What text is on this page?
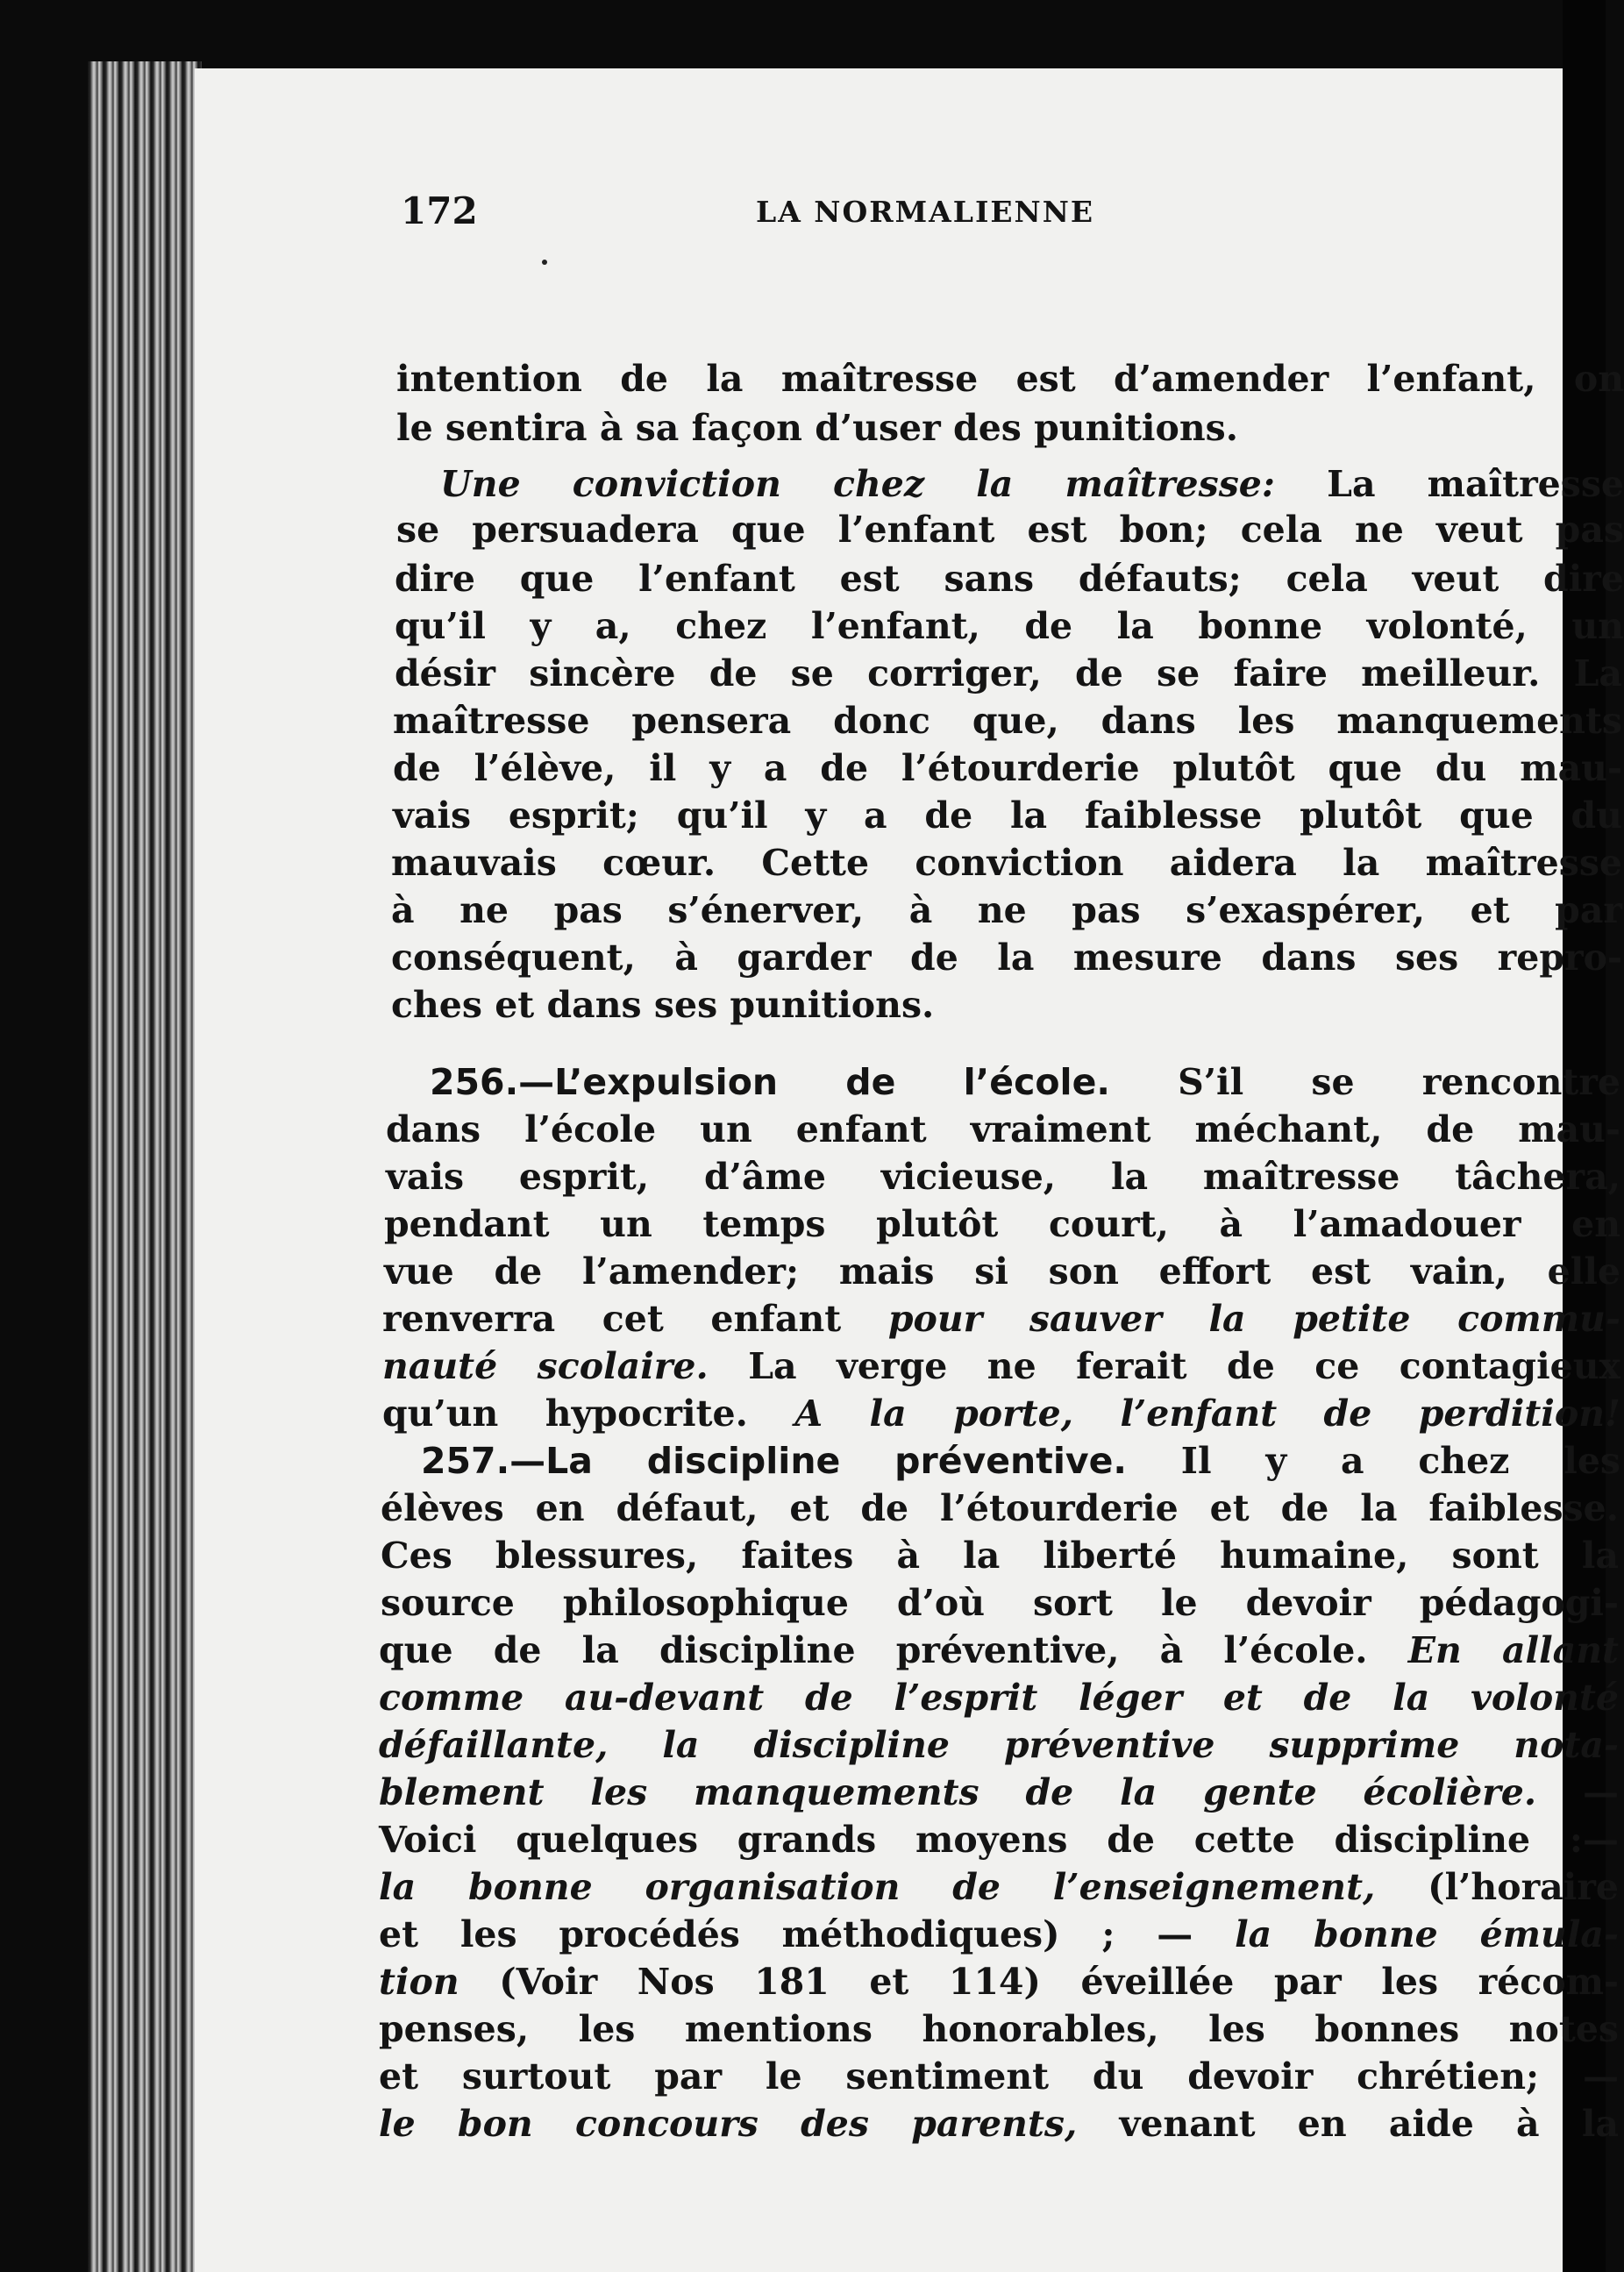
172	LA NORMALIENNE
intention de la maîtresse est d’amender l’enfant, on
le sentira à sa façon d’user des punitions.
Une conviction chez la maîtresse: La maîtresse
se persuadera que l’enfant est bon; cela ne veut pas
dire que l’enfant est sans défauts; cela veut dire
qu’il y a, chez l’enfant, de la bonne volonté, un
désir sincère de se corriger, de se faire meilleur. La
maîtresse pensera donc que, dans les manquements
de l’élève, il y a de l’étourderie plutôt que du mau-
vais esprit; qu’il y a de la faiblesse plutôt que du
mauvais cœur. Cette conviction aidera la maîtresse
à ne pas s’énerver, à ne pas s’exaspérer, et par
conséquent, à garder de la mesure dans ses repro-
ches et dans ses punitions.
256.—L’expulsion de l’école. S’il se rencontre
dans l’école un enfant vraiment méchant, de mau-
vais esprit, d’âme vicieuse, la maîtresse tâchera,
pendant un temps plutôt court, à l’amadouer en
vue de l’amender; mais si son effort est vain, elle
renverra cet enfant pour sauver la petite commu-
nauté scolaire. La verge ne ferait de ce contagieux
qu’un hypocrite. A la porte, l’enfant de perdition!
257.—La discipline préventive. Il y a chez les
élèves en défaut, et de l’étourderie et de la faiblesse.
Ces blessures, faites à la liberté humaine, sont la
source philosophique d’où sort le devoir pédagogi-
que de la discipline préventive, à l’école. En allant
comme au-devant de l’esprit léger et de la volonté
défaillante, la discipline préventive supprime nota-
blement les manquements de la gente écolière. —
Voici quelques grands moyens de cette discipline :—
la bonne organisation de l’enseignement, (l’horaire
et les procédés méthodiques) ; — la bonne émula-
tion (Voir Nos 181 et 114) éveillée par les récom-
penses, les mentions honorables, les bonnes notes
et surtout par le sentiment du devoir chrétien; —
le bon concours des parents, venant en aide à la
